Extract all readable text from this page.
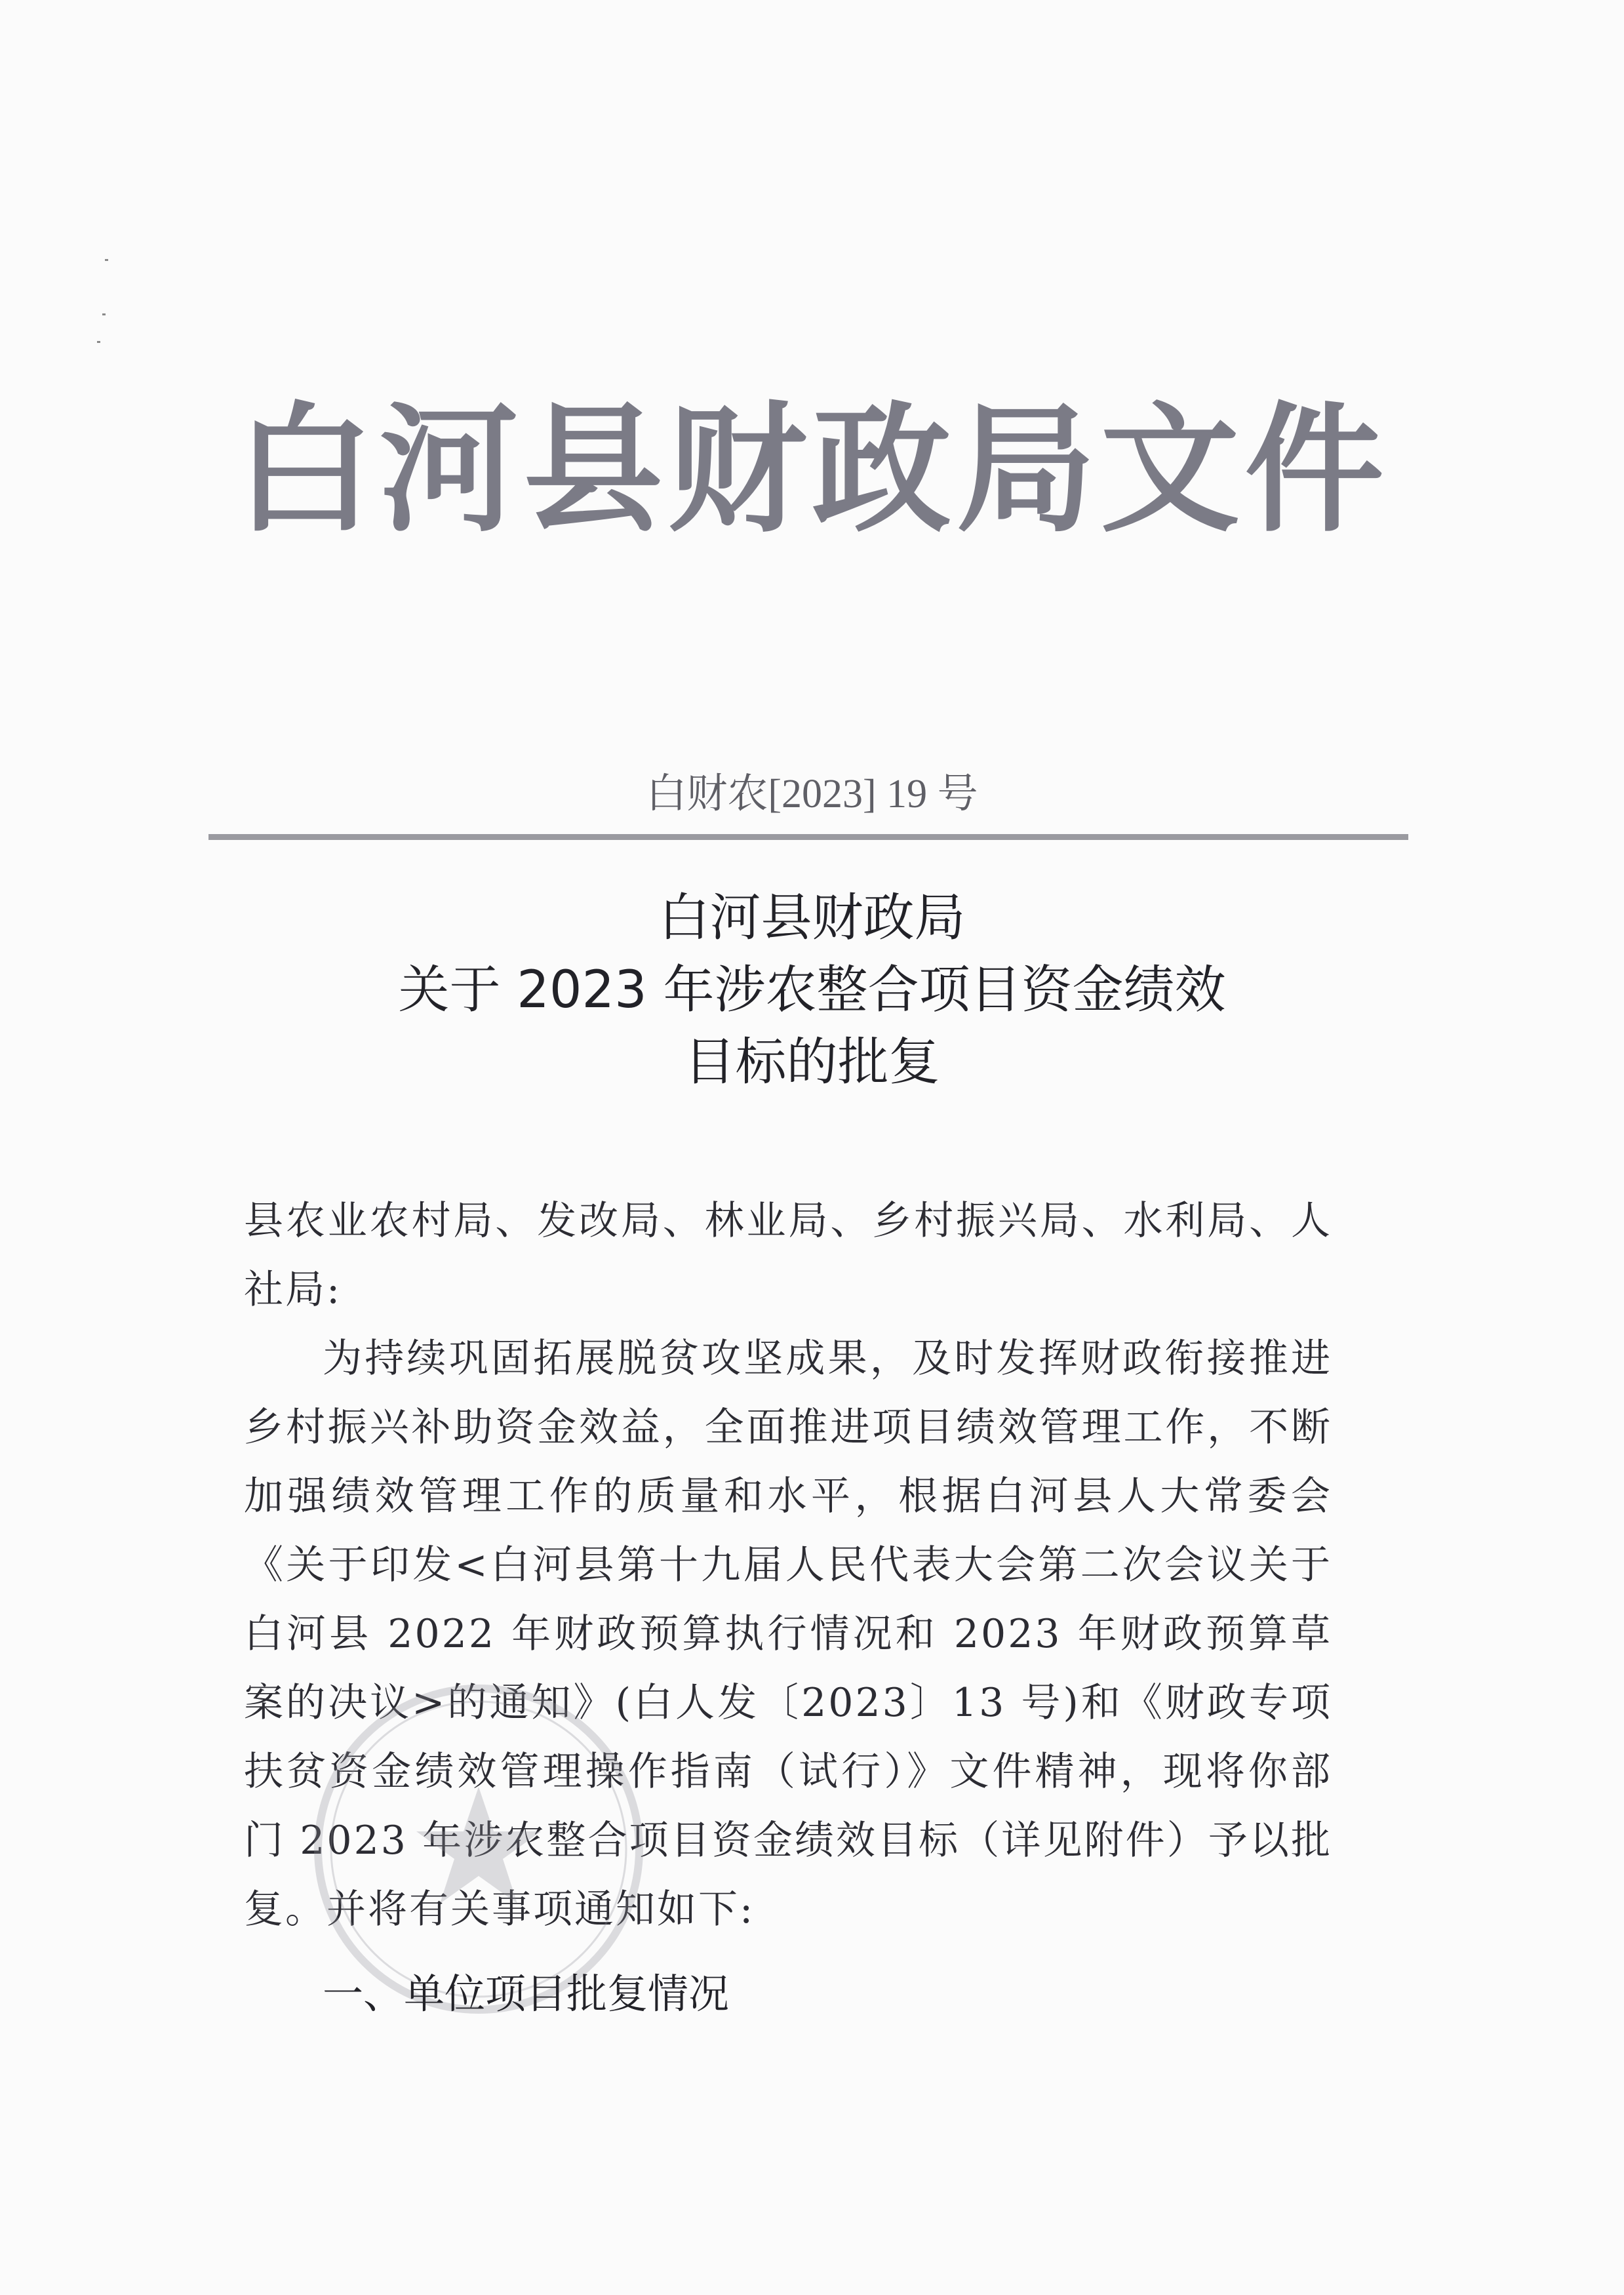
白河县财政局文件
白财农[2023] 19 号
白河县财政局
关于 2023 年涉农整合项目资金绩效
目标的批复
县农业农村局、发改局、林业局、乡村振兴局、水利局、人社局:
为持续巩固拓展脱贫攻坚成果，及时发挥财政衔接推进乡村振兴补助资金效益，全面推进项目绩效管理工作，不断加强绩效管理工作的质量和水平，根据白河县人大常委会《关于印发<白河县第十九届人民代表大会第二次会议关于白河县 2022 年财政预算执行情况和 2023 年财政预算草案的决议>的通知》(白人发〔2023〕13 号)和《财政专项扶贫资金绩效管理操作指南（试行）》文件精神，现将你部门 2023 年涉农整合项目资金绩效目标（详见附件）予以批复。并将有关事项通知如下:
一、单位项目批复情况
